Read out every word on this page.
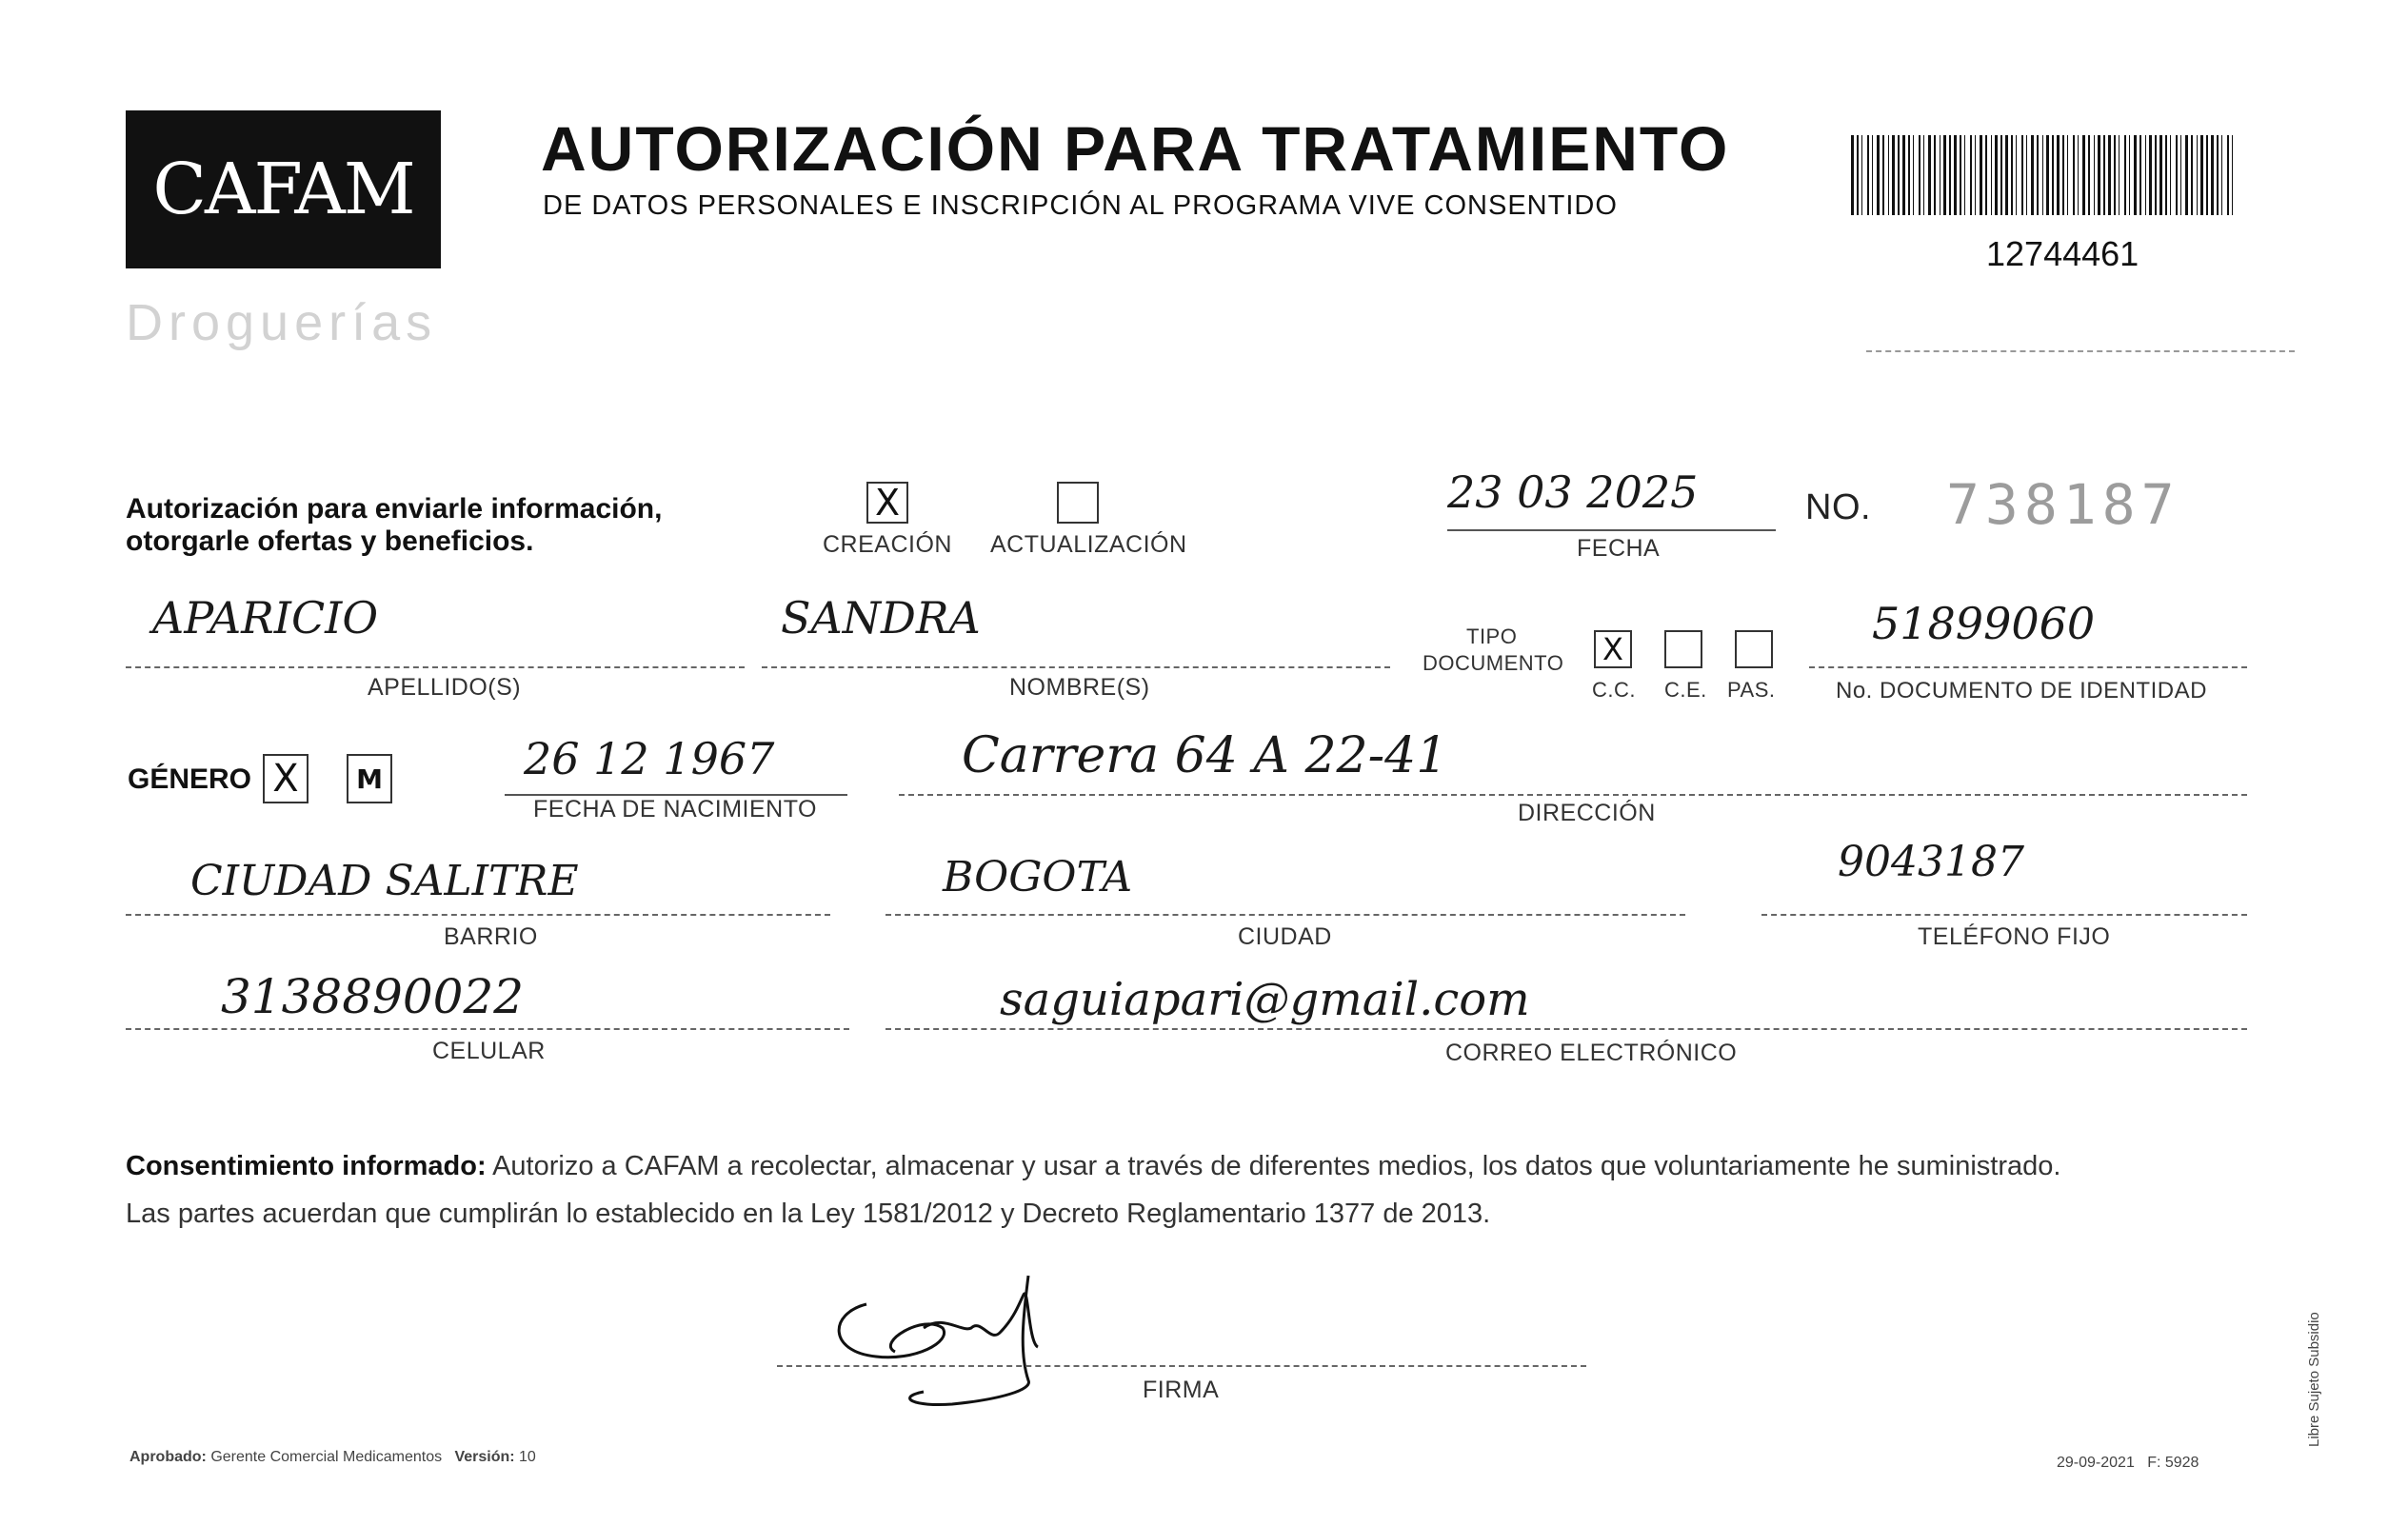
CAFAM
Droguerías
AUTORIZACIÓN PARA TRATAMIENTO
DE DATOS PERSONALES E INSCRIPCIÓN AL PROGRAMA VIVE CONSENTIDO
12744461
Autorización para enviarle información,
otorgarle ofertas y beneficios.
X
CREACIÓN ACTUALIZACIÓN
23 03 2025
FECHA
NO. 738187
APARICIO
APELLIDO(S)
SANDRA
NOMBRE(S)
TIPO
DOCUMENTO X
C.C. C.E. PAS.
51899060
No. DOCUMENTO DE IDENTIDAD
GÉNERO X M	26 12 1967
FECHA DE NACIMIENTO
Carrera 64 A 22-41
DIRECCIÓN
CIUDAD SALITRE
BARRIO
BOGOTA
CIUDAD
9043187
TELÉFONO FIJO
3138890022
CELULAR
saguiapari@gmail.com
CORREO ELECTRÓNICO
Consentimiento informado: Autorizo a CAFAM a recolectar, almacenar y usar a través de diferentes medios, los datos que voluntariamente he suministrado.
Las partes acuerdan que cumplirán lo establecido en la Ley 1581/2012 y Decreto Reglamentario 1377 de 2013.
FIRMA
Aprobado: Gerente Comercial Medicamentos Versión: 10	29-09-2021 F: 5928
Libre Sujeto Subsidio
